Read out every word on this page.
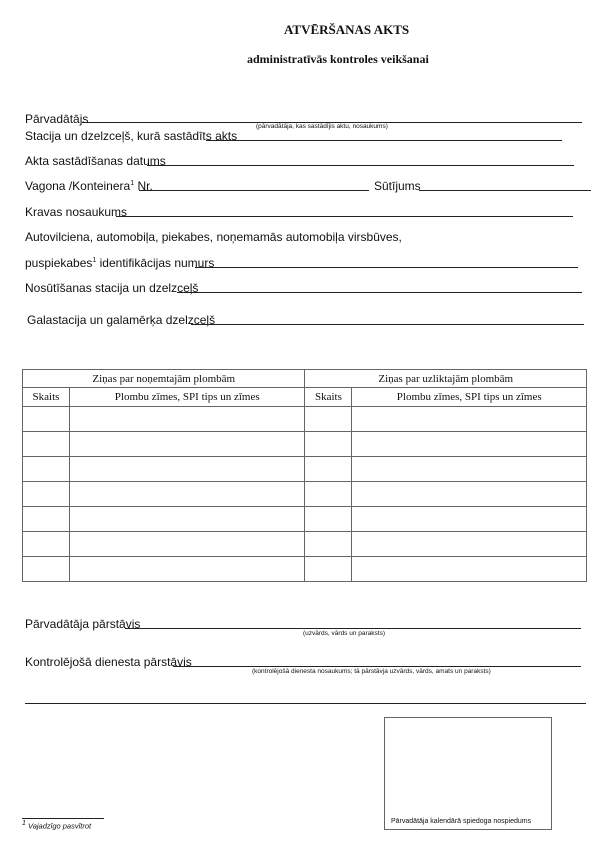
ATVĒRŠANAS AKTS
administratīvās kontroles veikšanai
Pārvadātājs
(pārvadātāja, kas sastādījis aktu, nosaukums)
Stacija un dzelzceļš, kurā sastādīts akts
Akta sastādīšanas datums
Vagona /Konteinera$^1$ Nr.	Sūtījums
Kravas nosaukums
Autovilciena, automobiļa, piekabes, noņemamās automobiļa virsbūves,
puspiekabes$^1$ identifikācijas numurs
Nosūtīšanas stacija un dzelzceļš
Galastacija un galamērķa dzelzceļš
Ziņas par noņemtajām plombām		Ziņas par uzliktajām plombām	
Skaits	Plombu zīmes, SPI tips un zīmes	Skaits	Plombu zīmes, SPI tips un zīmes

Pārvadātāja pārstāvis
(uzvārds, vārds un paraksts)
Kontrolējošā dienesta pārstāvis
(kontrolējošā dienesta nosaukums; tā pārstāvja uzvārds, vārds, amats un paraksts)
Pārvadātāja kalendārā spiedoga nospiedums
$^1$ Vajadzīgo pasvītrot
